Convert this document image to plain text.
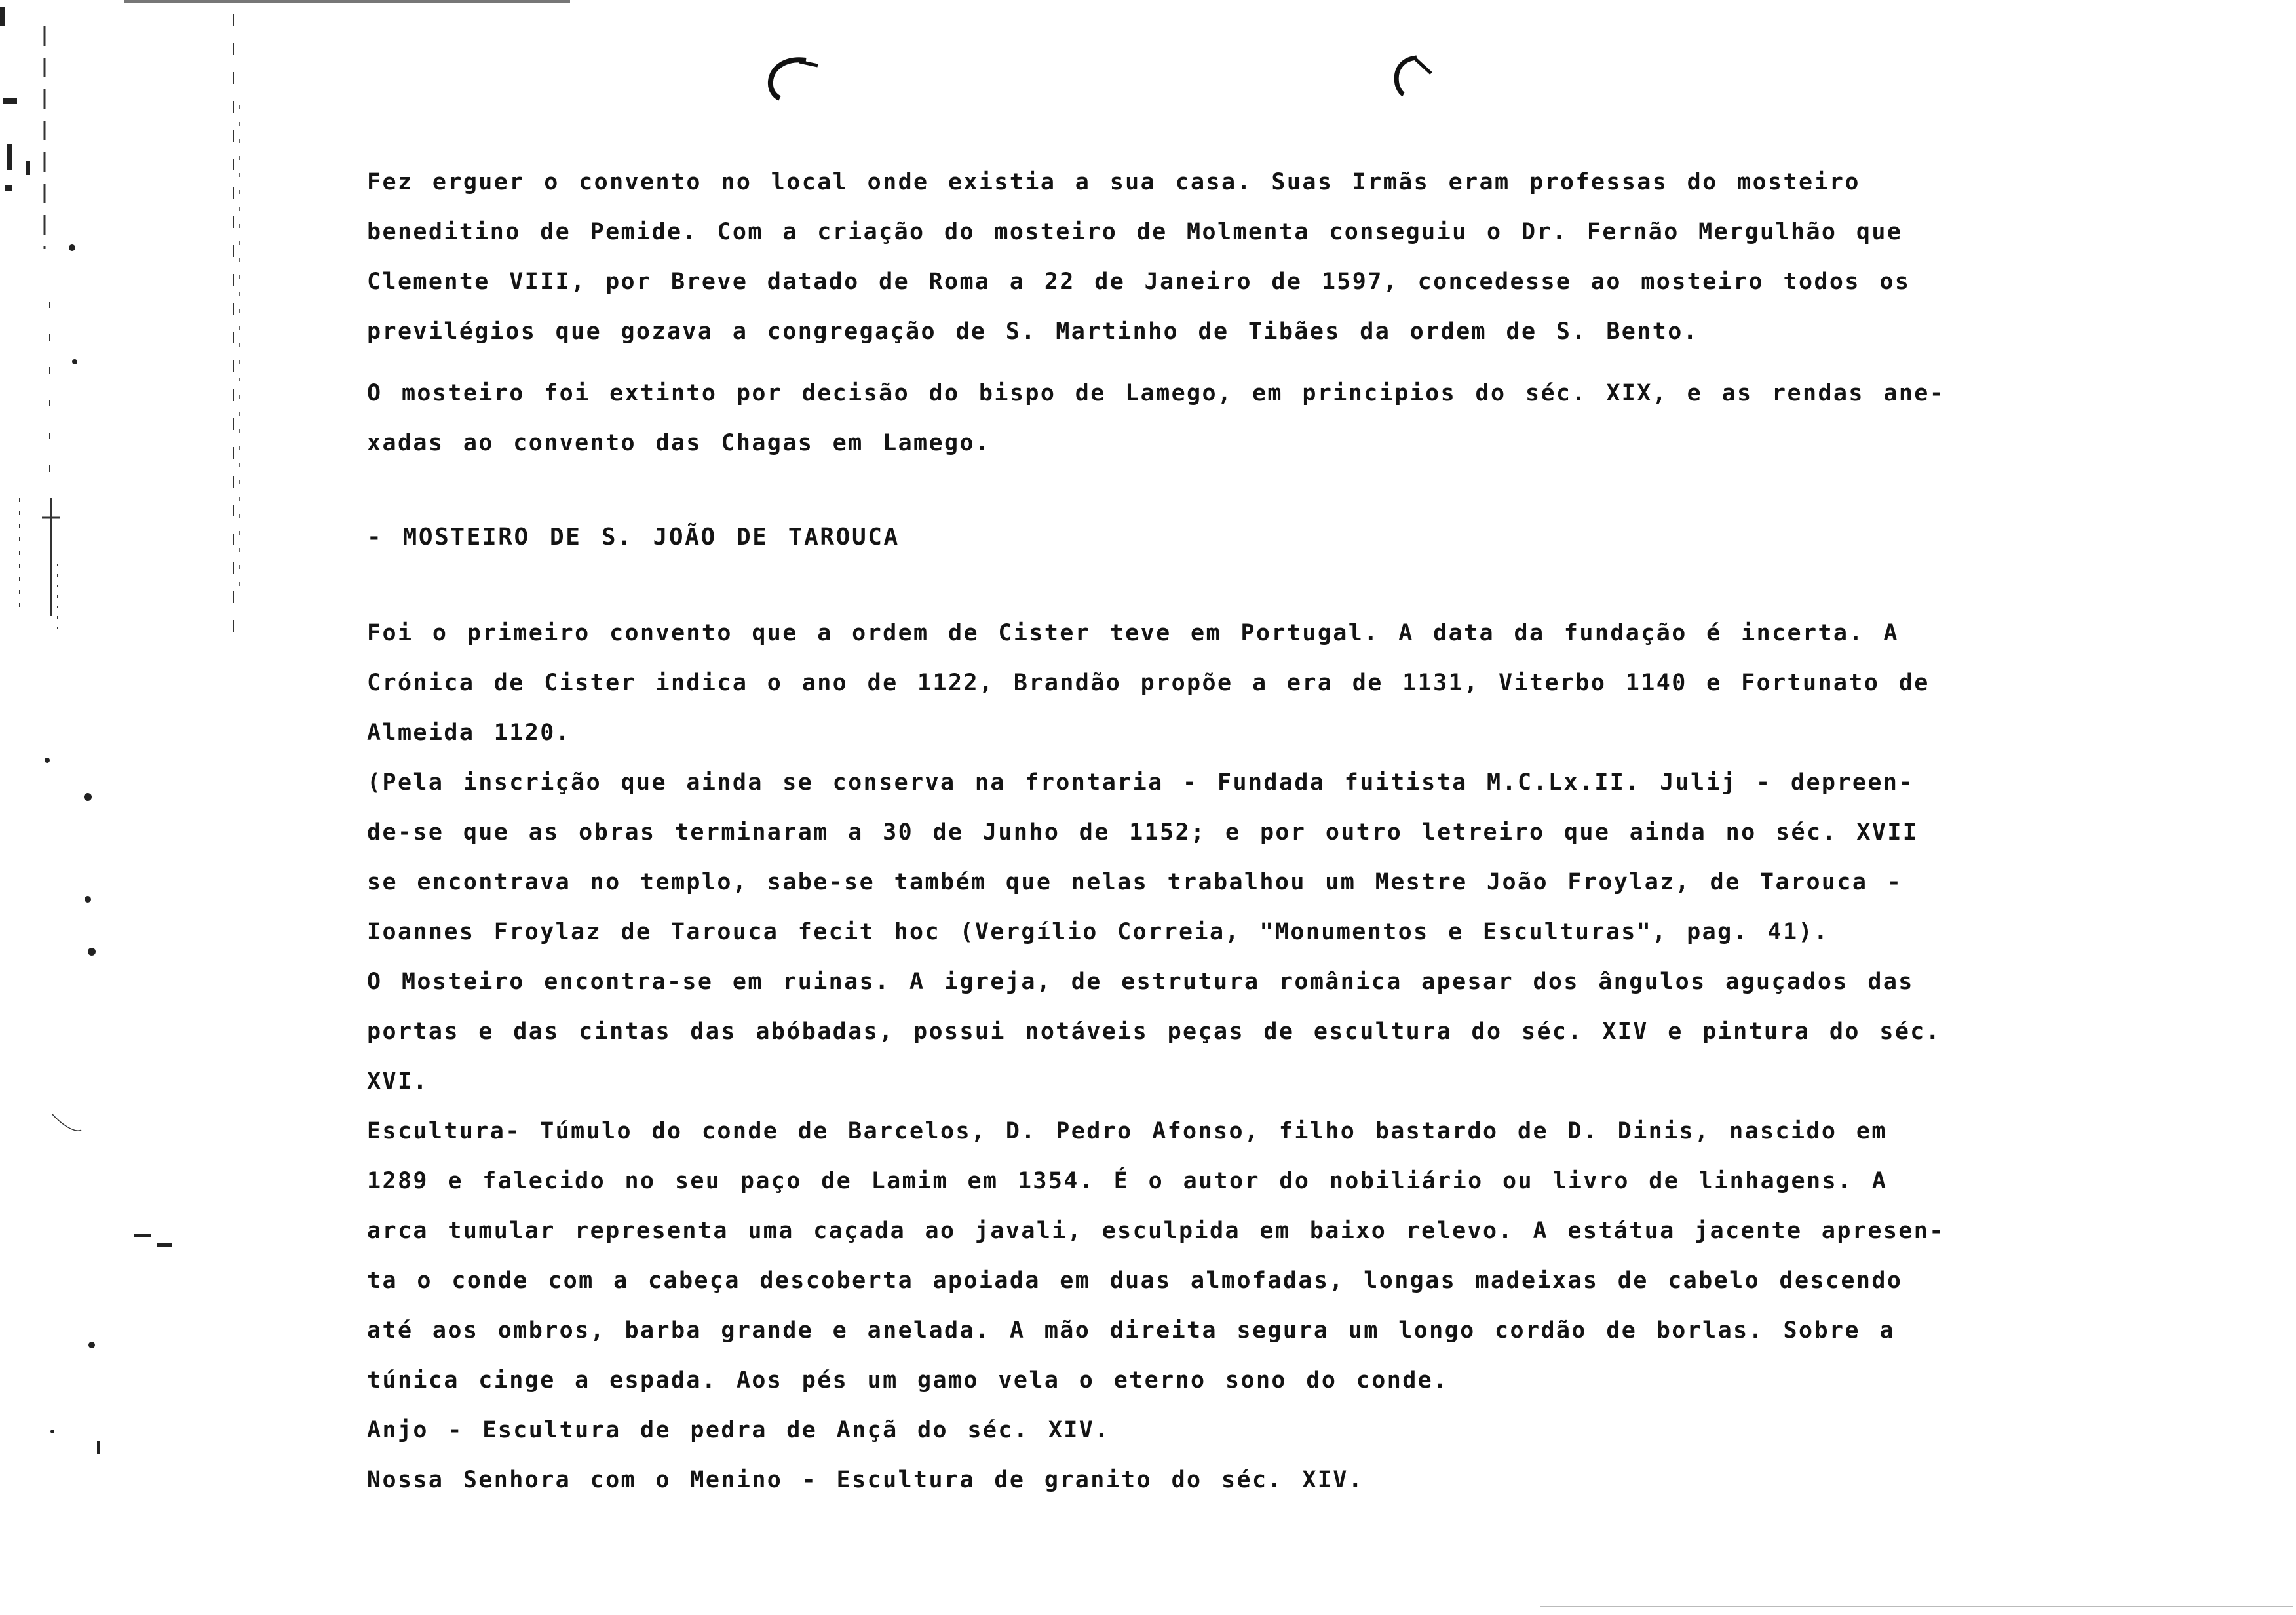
Fez erguer o convento no local onde existia a sua casa. Suas Irmãs eram professas do mosteiro
beneditino de Pemide. Com a criação do mosteiro de Molmenta conseguiu o Dr. Fernão Mergulhão que
Clemente VIII, por Breve datado de Roma a 22 de Janeiro de 1597, concedesse ao mosteiro todos os
previlégios que gozava a congregação de S. Martinho de Tibães da ordem de S. Bento.
O mosteiro foi extinto por decisão do bispo de Lamego, em principios do séc. XIX, e as rendas ane-
xadas ao convento das Chagas em Lamego.
- MOSTEIRO DE S. JOÃO DE TAROUCA
Foi o primeiro convento que a ordem de Cister teve em Portugal. A data da fundação é incerta. A
Crónica de Cister indica o ano de 1122, Brandão propõe a era de 1131, Viterbo 1140 e Fortunato de
Almeida 1120.
(Pela inscrição que ainda se conserva na frontaria - Fundada fuitista M.C.Lx.II. Julij - depreen-
de-se que as obras terminaram a 30 de Junho de 1152; e por outro letreiro que ainda no séc. XVII
se encontrava no templo, sabe-se também que nelas trabalhou um Mestre João Froylaz, de Tarouca -
Ioannes Froylaz de Tarouca fecit hoc (Vergílio Correia, "Monumentos e Esculturas", pag. 41).
O Mosteiro encontra-se em ruinas. A igreja, de estrutura românica apesar dos ângulos aguçados das
portas e das cintas das abóbadas, possui notáveis peças de escultura do séc. XIV e pintura do séc.
XVI.
Escultura- Túmulo do conde de Barcelos, D. Pedro Afonso, filho bastardo de D. Dinis, nascido em
1289 e falecido no seu paço de Lamim em 1354. É o autor do nobiliário ou livro de linhagens. A
arca tumular representa uma caçada ao javali, esculpida em baixo relevo. A estátua jacente apresen-
ta o conde com a cabeça descoberta apoiada em duas almofadas, longas madeixas de cabelo descendo
até aos ombros, barba grande e anelada. A mão direita segura um longo cordão de borlas. Sobre a
túnica cinge a espada. Aos pés um gamo vela o eterno sono do conde.
Anjo - Escultura de pedra de Ançã do séc. XIV.
Nossa Senhora com o Menino - Escultura de granito do séc. XIV.
